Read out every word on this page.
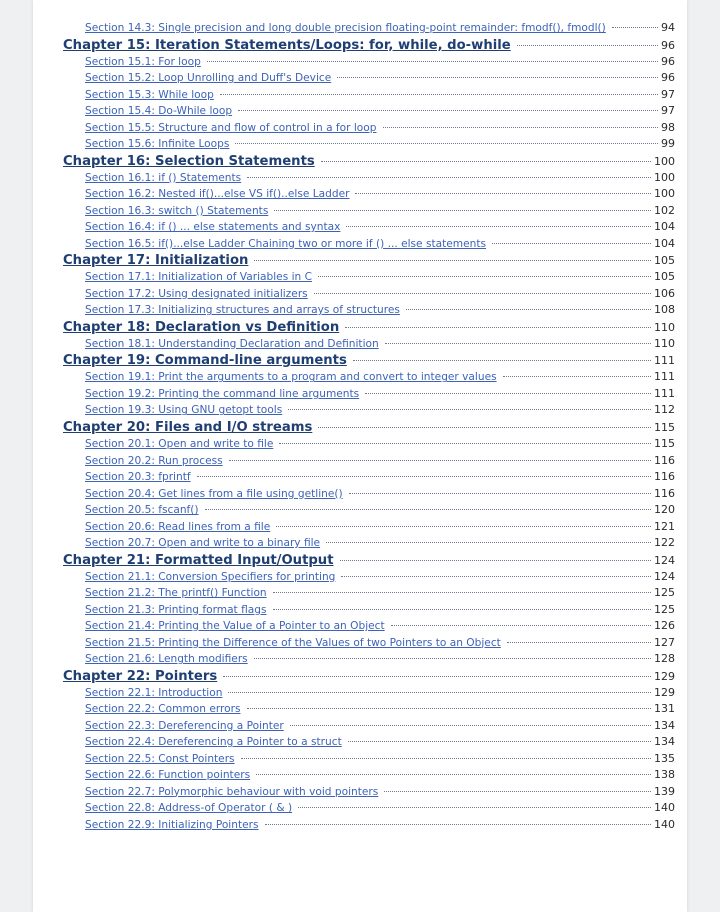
Section 14.3: Single precision and long double precision floating-point remainder: fmodf(), fmodl()	94
Chapter 15: Iteration Statements/Loops: for, while, do-while	96
Section 15.1: For loop	96
Section 15.2: Loop Unrolling and Duff's Device	96
Section 15.3: While loop	97
Section 15.4: Do-While loop	97
Section 15.5: Structure and flow of control in a for loop	98
Section 15.6: Infinite Loops	99
Chapter 16: Selection Statements	100
Section 16.1: if () Statements	100
Section 16.2: Nested if()...else VS if()..else Ladder	100
Section 16.3: switch () Statements	102
Section 16.4: if () ... else statements and syntax	104
Section 16.5: if()...else Ladder Chaining two or more if () ... else statements	104
Chapter 17: Initialization	105
Section 17.1: Initialization of Variables in C	105
Section 17.2: Using designated initializers	106
Section 17.3: Initializing structures and arrays of structures	108
Chapter 18: Declaration vs Definition	110
Section 18.1: Understanding Declaration and Definition	110
Chapter 19: Command-line arguments	111
Section 19.1: Print the arguments to a program and convert to integer values	111
Section 19.2: Printing the command line arguments	111
Section 19.3: Using GNU getopt tools	112
Chapter 20: Files and I/O streams	115
Section 20.1: Open and write to file	115
Section 20.2: Run process	116
Section 20.3: fprintf	116
Section 20.4: Get lines from a file using getline()	116
Section 20.5: fscanf()	120
Section 20.6: Read lines from a file	121
Section 20.7: Open and write to a binary file	122
Chapter 21: Formatted Input/Output	124
Section 21.1: Conversion Specifiers for printing	124
Section 21.2: The printf() Function	125
Section 21.3: Printing format flags	125
Section 21.4: Printing the Value of a Pointer to an Object	126
Section 21.5: Printing the Difference of the Values of two Pointers to an Object	127
Section 21.6: Length modifiers	128
Chapter 22: Pointers	129
Section 22.1: Introduction	129
Section 22.2: Common errors	131
Section 22.3: Dereferencing a Pointer	134
Section 22.4: Dereferencing a Pointer to a struct	134
Section 22.5: Const Pointers	135
Section 22.6: Function pointers	138
Section 22.7: Polymorphic behaviour with void pointers	139
Section 22.8: Address-of Operator ( & )	140
Section 22.9: Initializing Pointers	140
